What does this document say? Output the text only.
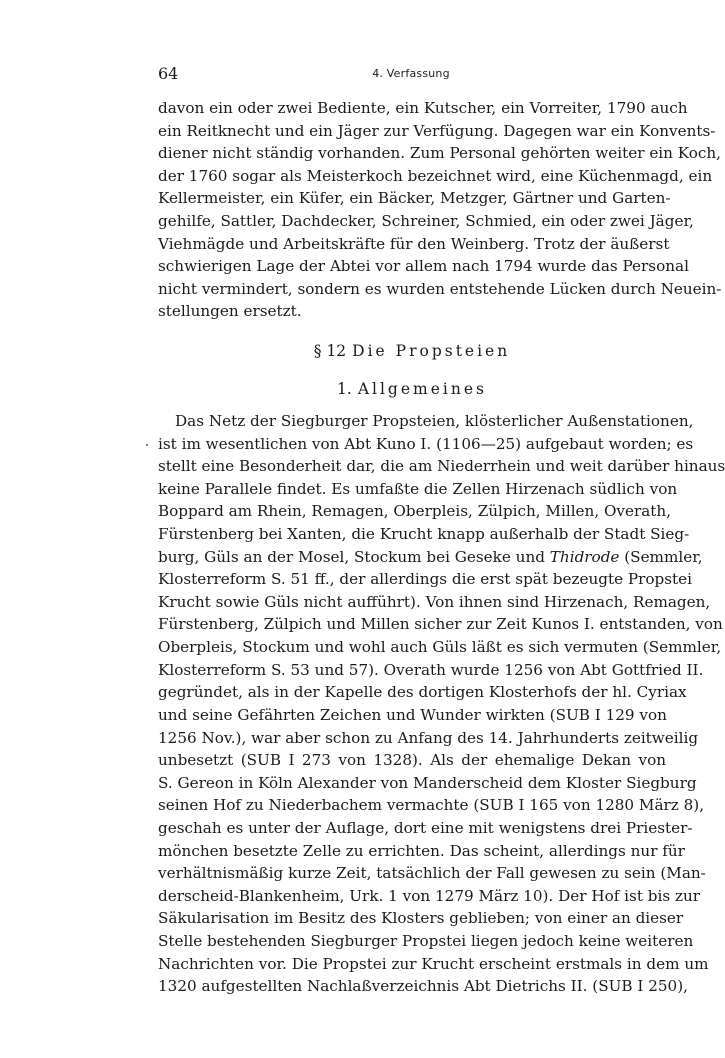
64	4. Verfassung
davon ein oder zwei Bediente, ein Kutscher, ein Vorreiter, 1790 auch
ein Reitknecht und ein Jäger zur Verfügung. Dagegen war ein Konvents-
diener nicht ständig vorhanden. Zum Personal gehörten weiter ein Koch,
der 1760 sogar als Meisterkoch bezeichnet wird, eine Küchenmagd, ein
Kellermeister, ein Küfer, ein Bäcker, Metzger, Gärtner und Garten-
gehilfe, Sattler, Dachdecker, Schreiner, Schmied, ein oder zwei Jäger,
Viehmägde und Arbeitskräfte für den Weinberg. Trotz der äußerst
schwierigen Lage der Abtei vor allem nach 1794 wurde das Personal
nicht vermindert, sondern es wurden entstehende Lücken durch Neuein-
stellungen ersetzt.
§ 12 Die Propsteien
1. Allgemeines
Das Netz der Siegburger Propsteien, klösterlicher Außenstationen,
ist im wesentlichen von Abt Kuno I. (1106—25) aufgebaut worden; es
stellt eine Besonderheit dar, die am Niederrhein und weit darüber hinaus
keine Parallele findet. Es umfaßte die Zellen Hirzenach südlich von
Boppard am Rhein, Remagen, Oberpleis, Zülpich, Millen, Overath,
Fürstenberg bei Xanten, die Krucht knapp außerhalb der Stadt Sieg-
burg, Güls an der Mosel, Stockum bei Geseke und Thidrode (Semmler,
Klosterreform S. 51 ff., der allerdings die erst spät bezeugte Propstei
Krucht sowie Güls nicht aufführt). Von ihnen sind Hirzenach, Remagen,
Fürstenberg, Zülpich und Millen sicher zur Zeit Kunos I. entstanden, von
Oberpleis, Stockum und wohl auch Güls läßt es sich vermuten (Semmler,
Klosterreform S. 53 und 57). Overath wurde 1256 von Abt Gottfried II.
gegründet, als in der Kapelle des dortigen Klosterhofs der hl. Cyriax
und seine Gefährten Zeichen und Wunder wirkten (SUB I 129 von
1256 Nov.), war aber schon zu Anfang des 14. Jahrhunderts zeitweilig
unbesetzt (SUB I 273 von 1328). Als der ehemalige Dekan von
S. Gereon in Köln Alexander von Manderscheid dem Kloster Siegburg
seinen Hof zu Niederbachem vermachte (SUB I 165 von 1280 März 8),
geschah es unter der Auflage, dort eine mit wenigstens drei Priester-
mönchen besetzte Zelle zu errichten. Das scheint, allerdings nur für
verhältnismäßig kurze Zeit, tatsächlich der Fall gewesen zu sein (Man-
derscheid-Blankenheim, Urk. 1 von 1279 März 10). Der Hof ist bis zur
Säkularisation im Besitz des Klosters geblieben; von einer an dieser
Stelle bestehenden Siegburger Propstei liegen jedoch keine weiteren
Nachrichten vor. Die Propstei zur Krucht erscheint erstmals in dem um
1320 aufgestellten Nachlaßverzeichnis Abt Dietrichs II. (SUB I 250),
